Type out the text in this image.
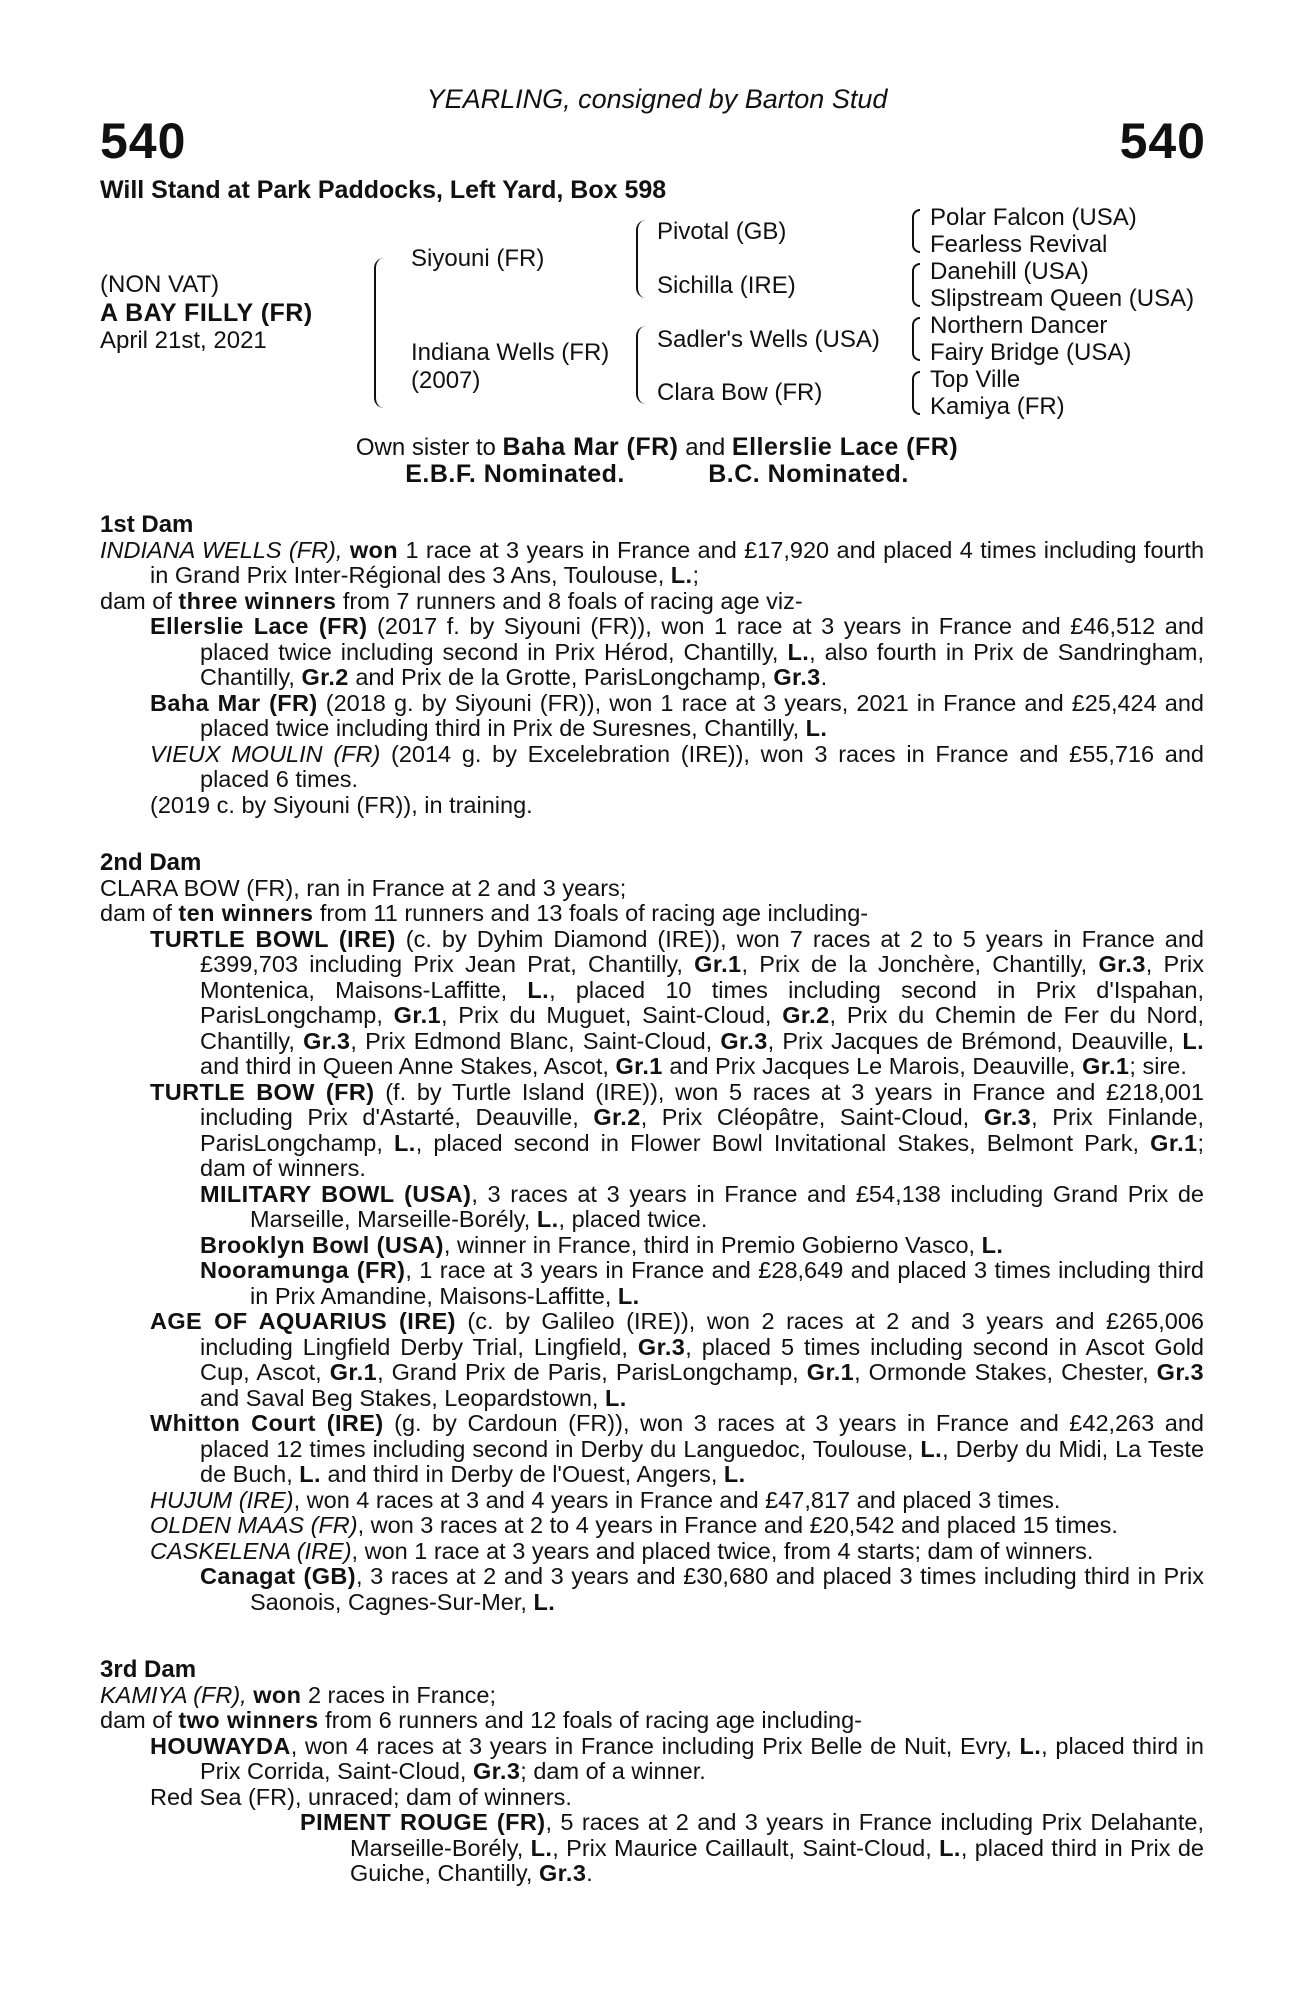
YEARLING, consigned by Barton Stud
540	540
Will Stand at Park Paddocks, Left Yard, Box 598
(NON VAT)
A BAY FILLY (FR)
April 21st, 2021
Siyouni (FR)
Indiana Wells (FR)
(2007)
Pivotal (GB)
Sichilla (IRE)
Sadler's Wells (USA)
Clara Bow (FR)
Polar Falcon (USA)
Fearless Revival
Danehill (USA)
Slipstream Queen (USA)
Northern Dancer
Fairy Bridge (USA)
Top Ville
Kamiya (FR)
Own sister to Baha Mar (FR) and Ellerslie Lace (FR)
E.B.F. Nominated.	B.C. Nominated.

1st Dam

INDIANA WELLS (FR), won 1 race at 3 years in France and £17,920 and placed 4 times including fourth in Grand Prix Inter-Régional des 3 Ans, Toulouse, L.;

dam of three winners from 7 runners and 8 foals of racing age viz-

Ellerslie Lace (FR) (2017 f. by Siyouni (FR)), won 1 race at 3 years in France and £46,512 and placed twice including second in Prix Hérod, Chantilly, L., also fourth in Prix de Sandringham, Chantilly, Gr.2 and Prix de la Grotte, ParisLongchamp, Gr.3.

Baha Mar (FR) (2018 g. by Siyouni (FR)), won 1 race at 3 years, 2021 in France and £25,424 and placed twice including third in Prix de Suresnes, Chantilly, L.

VIEUX MOULIN (FR) (2014 g. by Excelebration (IRE)), won 3 races in France and £55,716 and placed 6 times.

(2019 c. by Siyouni (FR)), in training.

2nd Dam

CLARA BOW (FR), ran in France at 2 and 3 years;

dam of ten winners from 11 runners and 13 foals of racing age including-

TURTLE BOWL (IRE) (c. by Dyhim Diamond (IRE)), won 7 races at 2 to 5 years in France and £399,703 including Prix Jean Prat, Chantilly, Gr.1, Prix de la Jonchère, Chantilly, Gr.3, Prix Montenica, Maisons-Laffitte, L., placed 10 times including second in Prix d'Ispahan, ParisLongchamp, Gr.1, Prix du Muguet, Saint-Cloud, Gr.2, Prix du Chemin de Fer du Nord, Chantilly, Gr.3, Prix Edmond Blanc, Saint-Cloud, Gr.3, Prix Jacques de Brémond, Deauville, L. and third in Queen Anne Stakes, Ascot, Gr.1 and Prix Jacques Le Marois, Deauville, Gr.1; sire.

TURTLE BOW (FR) (f. by Turtle Island (IRE)), won 5 races at 3 years in France and £218,001 including Prix d'Astarté, Deauville, Gr.2, Prix Cléopâtre, Saint-Cloud, Gr.3, Prix Finlande, ParisLongchamp, L., placed second in Flower Bowl Invitational Stakes, Belmont Park, Gr.1; dam of winners.

MILITARY BOWL (USA), 3 races at 3 years in France and £54,138 including Grand Prix de Marseille, Marseille-Borély, L., placed twice.

Brooklyn Bowl (USA), winner in France, third in Premio Gobierno Vasco, L.

Nooramunga (FR), 1 race at 3 years in France and £28,649 and placed 3 times including third in Prix Amandine, Maisons-Laffitte, L.

AGE OF AQUARIUS (IRE) (c. by Galileo (IRE)), won 2 races at 2 and 3 years and £265,006 including Lingfield Derby Trial, Lingfield, Gr.3, placed 5 times including second in Ascot Gold Cup, Ascot, Gr.1, Grand Prix de Paris, ParisLongchamp, Gr.1, Ormonde Stakes, Chester, Gr.3 and Saval Beg Stakes, Leopardstown, L.

Whitton Court (IRE) (g. by Cardoun (FR)), won 3 races at 3 years in France and £42,263 and placed 12 times including second in Derby du Languedoc, Toulouse, L., Derby du Midi, La Teste de Buch, L. and third in Derby de l'Ouest, Angers, L.

HUJUM (IRE), won 4 races at 3 and 4 years in France and £47,817 and placed 3 times.

OLDEN MAAS (FR), won 3 races at 2 to 4 years in France and £20,542 and placed 15 times.

CASKELENA (IRE), won 1 race at 3 years and placed twice, from 4 starts; dam of winners.

Canagat (GB), 3 races at 2 and 3 years and £30,680 and placed 3 times including third in Prix Saonois, Cagnes-Sur-Mer, L.

3rd Dam

KAMIYA (FR), won 2 races in France;

dam of two winners from 6 runners and 12 foals of racing age including-

HOUWAYDA, won 4 races at 3 years in France including Prix Belle de Nuit, Evry, L., placed third in Prix Corrida, Saint-Cloud, Gr.3; dam of a winner.

Red Sea (FR), unraced; dam of winners.

PIMENT ROUGE (FR), 5 races at 2 and 3 years in France including Prix Delahante, Marseille-Borély, L., Prix Maurice Caillault, Saint-Cloud, L., placed third in Prix de Guiche, Chantilly, Gr.3.
